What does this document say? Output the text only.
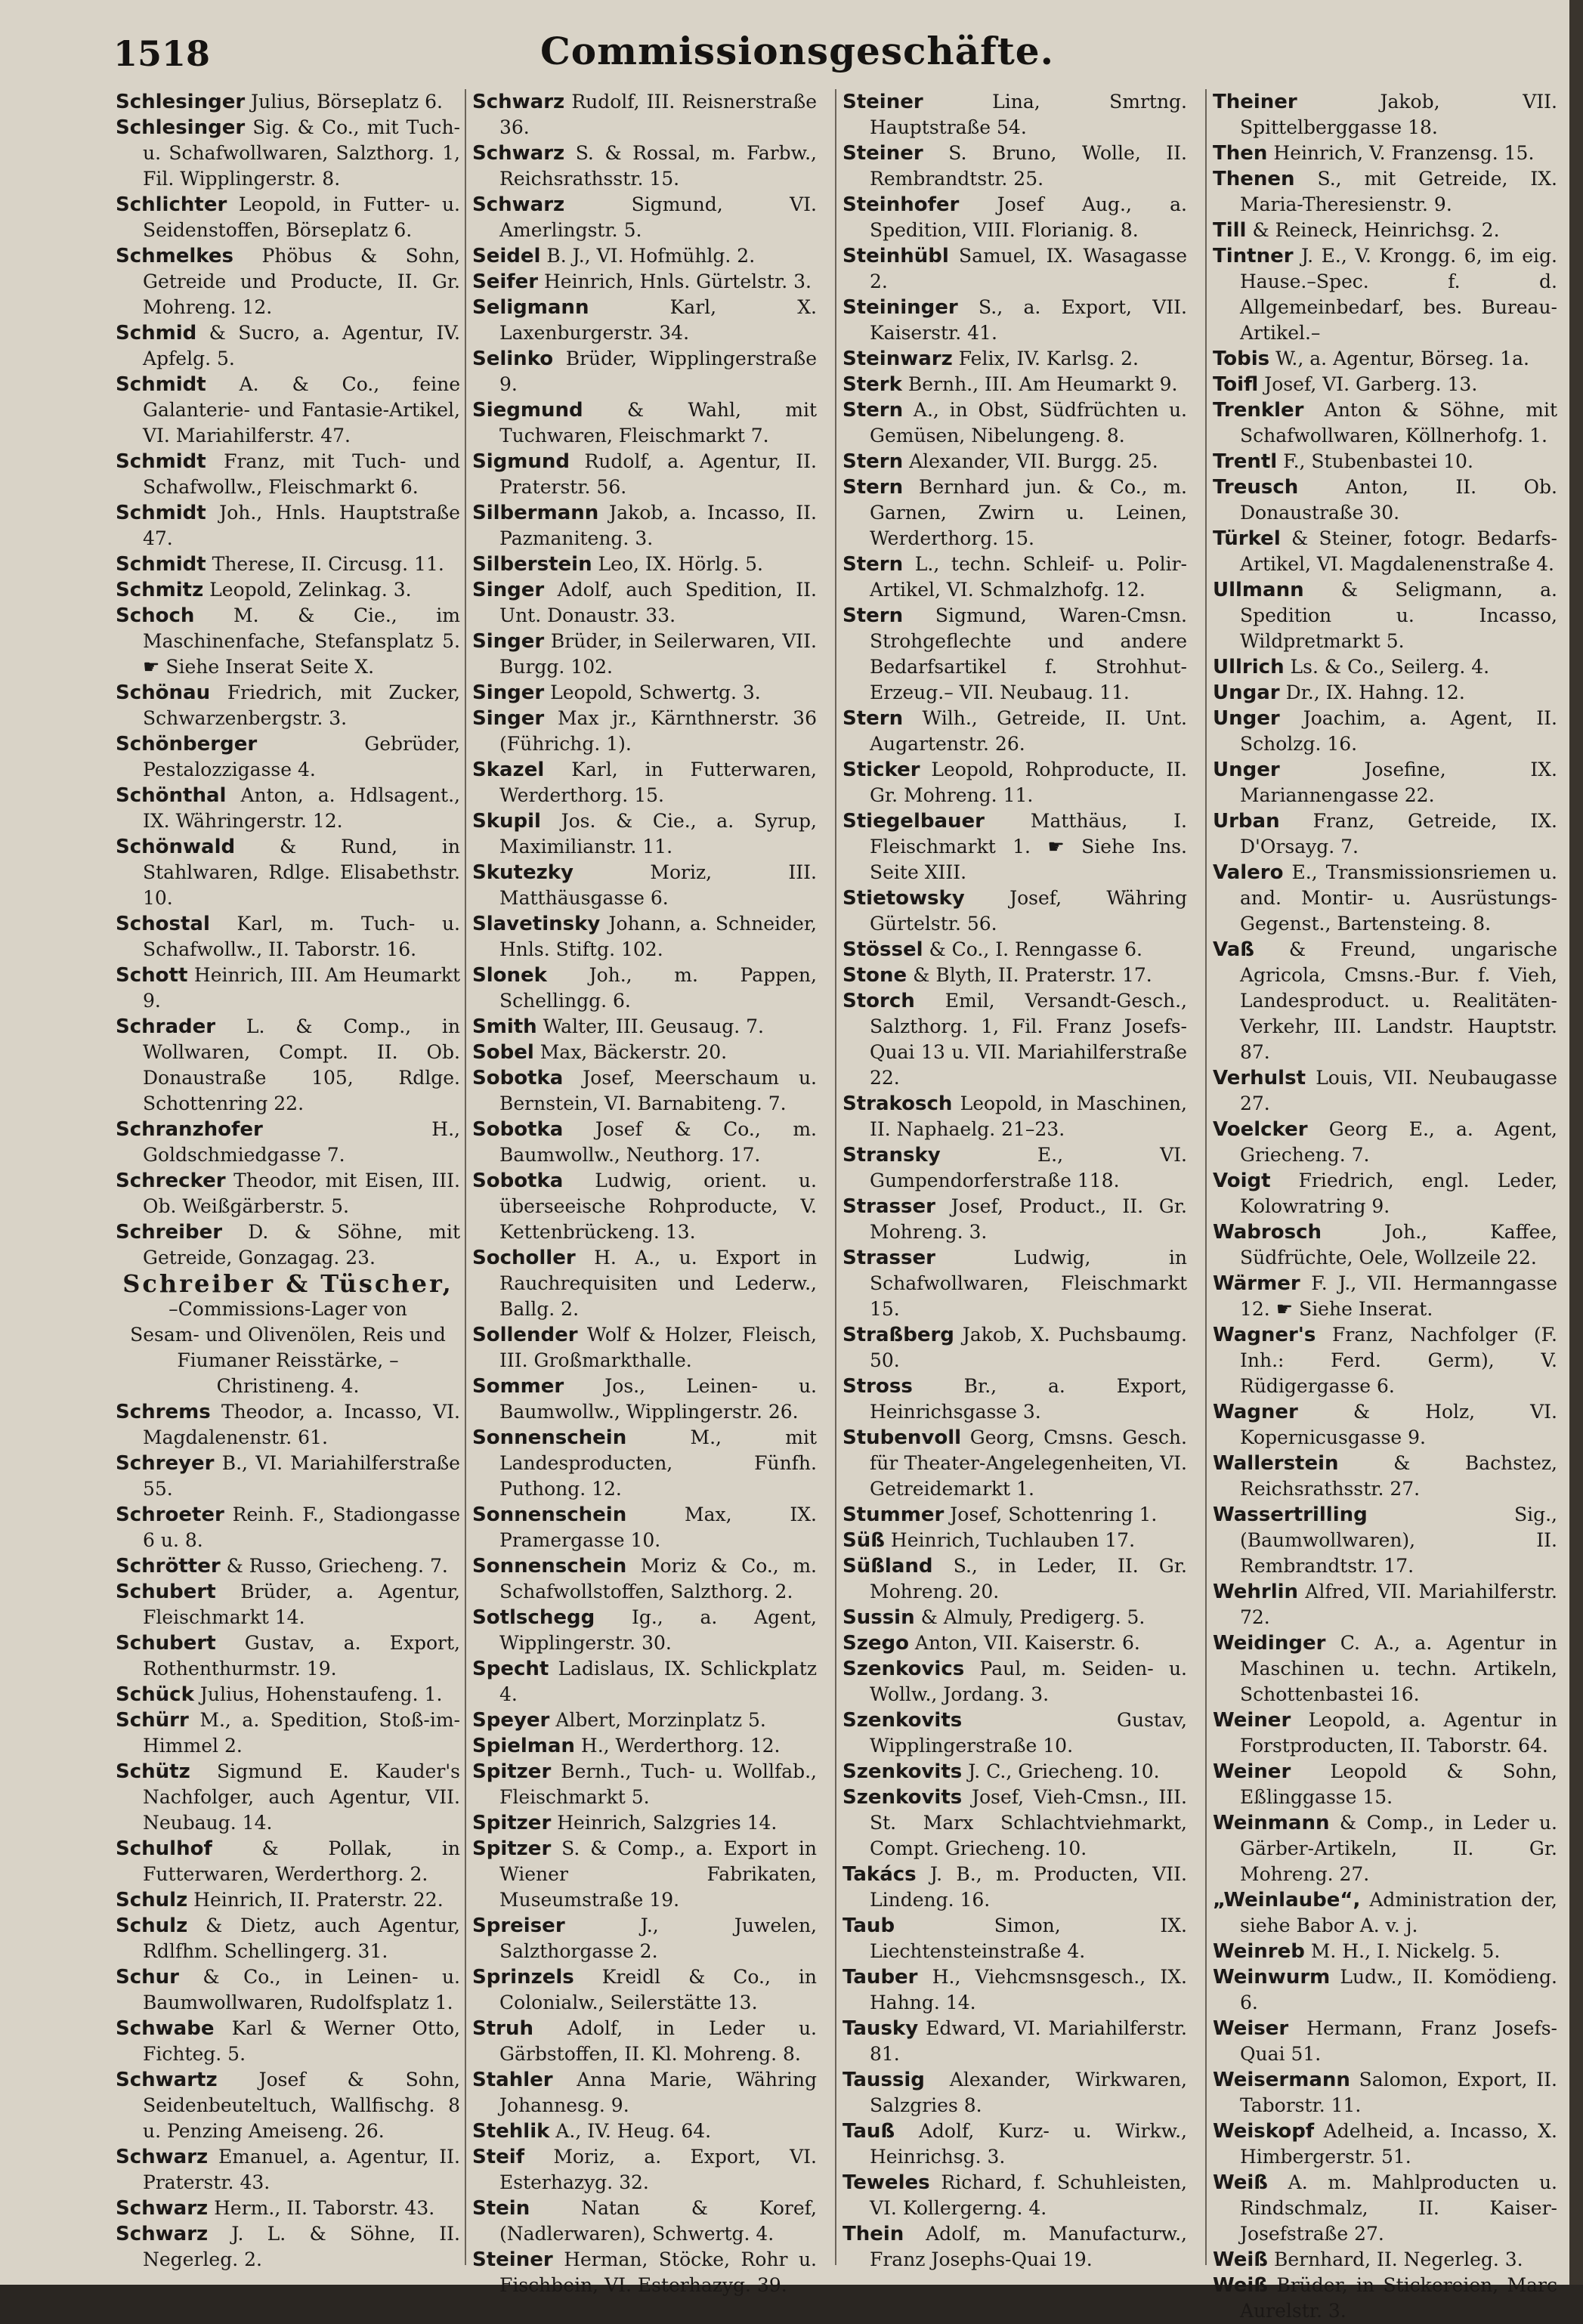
1518	Commissionsgeschäfte.
Schlesinger Julius, Börseplatz 6.
Schlesinger Sig. & Co., mit Tuch- u. Schafwollwaren, Salzthorg. 1, Fil. Wipplingerstr. 8.
Schlichter Leopold, in Futter- u. Seidenstoffen, Börseplatz 6.
Schmelkes Phöbus & Sohn, Getreide und Producte, II. Gr. Mohreng. 12.
Schmid & Sucro, a. Agentur, IV. Apfelg. 5.
Schmidt A. & Co., feine Galanterie- und Fantasie-Artikel, VI. Mariahilferstr. 47.
Schmidt Franz, mit Tuch- und Schafwollw., Fleischmarkt 6.
Schmidt Joh., Hnls. Hauptstraße 47.
Schmidt Therese, II. Circusg. 11.
Schmitz Leopold, Zelinkag. 3.
Schoch M. & Cie., im Maschinenfache, Stefansplatz 5. ☛ Siehe Inserat Seite X.
Schönau Friedrich, mit Zucker, Schwarzenbergstr. 3.
Schönberger	Gebrüder, Pestalozzigasse 4.
Schönthal Anton, a. Hdlsagent., IX. Währingerstr. 12.
Schönwald & Rund, in Stahlwaren, Rdlge. Elisabethstr. 10.
Schostal Karl, m. Tuch- u. Schafwollw., II. Taborstr. 16.
Schott Heinrich, III. Am Heumarkt 9.
Schrader L. & Comp., in Wollwaren, Compt. II. Ob. Donaustraße 105, Rdlge. Schottenring 22.
Schranzhofer	H., Goldschmiedgasse 7.
Schrecker Theodor, mit Eisen, III. Ob. Weißgärberstr. 5.
Schreiber D. & Söhne, mit Getreide, Gonzagag. 23.
Schreiber & Tüscher,
–Commissions-Lager von
Sesam- und Olivenölen, Reis und Fiumaner Reisstärke, – Christineng. 4.
Schrems Theodor, a. Incasso, VI. Magdalenenstr. 61.
Schreyer B., VI. Mariahilferstraße 55.
Schroeter Reinh. F., Stadiongasse 6 u. 8.
Schrötter & Russo, Griecheng. 7.
Schubert Brüder, a. Agentur, Fleischmarkt 14.
Schubert Gustav, a. Export, Rothenthurmstr. 19.
Schück Julius, Hohenstaufeng. 1.
Schürr M., a. Spedition, Stoß-im-Himmel 2.
Schütz Sigmund E. Kauder's Nachfolger, auch Agentur, VII. Neubaug. 14.
Schulhof	& Pollak, in Futterwaren, Werderthorg. 2.
Schulz Heinrich, II. Praterstr. 22.
Schulz & Dietz, auch Agentur, Rdlfhm. Schellingerg. 31.
Schur & Co., in Leinen- u. Baumwollwaren, Rudolfsplatz 1.
Schwabe Karl & Werner Otto, Fichteg. 5.
Schwartz Josef & Sohn, Seidenbeuteltuch, Wallfischg. 8 u. Penzing Ameiseng. 26.
Schwarz Emanuel, a. Agentur, II. Praterstr. 43.
Schwarz Herm., II. Taborstr. 43.
Schwarz J. L. & Söhne, II. Negerleg. 2.
Schwarz Rudolf, III. Reisnerstraße 36.
Schwarz S. & Rossal, m. Farbw., Reichsrathsstr. 15.
Schwarz	Sigmund, VI. Amerlingstr. 5.
Seidel B. J., VI. Hofmühlg. 2.
Seifer Heinrich, Hnls. Gürtelstr. 3.
Seligmann	Karl, X. Laxenburgerstr. 34.
Selinko Brüder, Wipplingerstraße 9.
Siegmund & Wahl, mit Tuchwaren, Fleischmarkt 7.
Sigmund Rudolf, a. Agentur, II. Praterstr. 56.
Silbermann Jakob, a. Incasso, II. Pazmaniteng. 3.
Silberstein Leo, IX. Hörlg. 5.
Singer Adolf, auch Spedition, II. Unt. Donaustr. 33.
Singer Brüder, in Seilerwaren, VII. Burgg. 102.
Singer Leopold, Schwertg. 3.
Singer Max jr., Kärnthnerstr. 36 (Führichg. 1).
Skazel Karl, in Futterwaren, Werderthorg. 15.
Skupil Jos. & Cie., a. Syrup, Maximilianstr. 11.
Skutezky	Moriz, III. Matthäusgasse 6.
Slavetinsky Johann, a. Schneider, Hnls. Stiftg. 102.
Slonek Joh., m. Pappen, Schellingg. 6.
Smith Walter, III. Geusaug. 7.
Sobel Max, Bäckerstr. 20.
Sobotka Josef, Meerschaum u. Bernstein, VI. Barnabiteng. 7.
Sobotka Josef & Co., m. Baumwollw., Neuthorg. 17.
Sobotka Ludwig, orient. u. überseeische Rohproducte, V. Kettenbrückeng. 13.
Socholler H. A., u. Export in Rauchrequisiten und Lederw., Ballg. 2.
Sollender Wolf & Holzer, Fleisch, III. Großmarkthalle.
Sommer Jos., Leinen- u. Baumwollw., Wipplingerstr. 26.
Sonnenschein	M., mit Landesproducten, Fünfh. Puthong. 12.
Sonnenschein	Max, IX. Pramergasse 10.
Sonnenschein Moriz & Co., m. Schafwollstoffen, Salzthorg. 2.
Sotlschegg Ig., a. Agent, Wipplingerstr. 30.
Specht Ladislaus, IX. Schlickplatz 4.
Speyer Albert, Morzinplatz 5.
Spielman H., Werderthorg. 12.
Spitzer Bernh., Tuch- u. Wollfab., Fleischmarkt 5.
Spitzer Heinrich, Salzgries 14.
Spitzer S. & Comp., a. Export in Wiener Fabrikaten, Museumstraße 19.
Spreiser	J., Juwelen, Salzthorgasse 2.
Sprinzels Kreidl & Co., in Colonialw., Seilerstätte 13.
Struh Adolf, in Leder u. Gärbstoffen, II. Kl. Mohreng. 8.
Stahler Anna Marie, Währing Johannesg. 9.
Stehlik A., IV. Heug. 64.
Steif Moriz, a. Export, VI. Esterhazyg. 32.
Stein	Natan & Koref, (Nadlerwaren), Schwertg. 4.
Steiner Herman, Stöcke, Rohr u. Fischbein, VI. Esterhazyg. 39.
Steiner	Lina, Smrtng. Hauptstraße 54.
Steiner S. Bruno, Wolle, II. Rembrandtstr. 25.
Steinhofer Josef Aug., a. Spedition, VIII. Florianig. 8.
Steinhübl Samuel, IX. Wasagasse 2.
Steininger S., a. Export, VII. Kaiserstr. 41.
Steinwarz Felix, IV. Karlsg. 2.
Sterk Bernh., III. Am Heumarkt 9.
Stern A., in Obst, Südfrüchten u. Gemüsen, Nibelungeng. 8.
Stern Alexander, VII. Burgg. 25.
Stern Bernhard jun. & Co., m. Garnen, Zwirn u. Leinen, Werderthorg. 15.
Stern L., techn. Schleif- u. Polir-Artikel, VI. Schmalzhofg. 12.
Stern Sigmund, Waren-Cmsn. Strohgeflechte und andere Bedarfsartikel f. Strohhut-Erzeug.– VII. Neubaug. 11.
Stern Wilh., Getreide, II. Unt. Augartenstr. 26.
Sticker Leopold, Rohproducte, II. Gr. Mohreng. 11.
Stiegelbauer Matthäus, I. Fleischmarkt 1. ☛ Siehe Ins. Seite XIII.
Stietowsky Josef, Währing Gürtelstr. 56.
Stössel & Co., I. Renngasse 6.
Stone & Blyth, II. Praterstr. 17.
Storch Emil, Versandt-Gesch., Salzthorg. 1, Fil. Franz Josefs-Quai 13 u. VII. Mariahilferstraße 22.
Strakosch Leopold, in Maschinen, II. Naphaelg. 21–23.
Stransky	E., VI. Gumpendorferstraße 118.
Strasser Josef, Product., II. Gr. Mohreng. 3.
Strasser	Ludwig, in Schafwollwaren, Fleischmarkt 15.
Straßberg Jakob, X. Puchsbaumg. 50.
Stross	Br., a. Export, Heinrichsgasse 3.
Stubenvoll Georg, Cmsns. Gesch. für Theater-Angelegenheiten, VI. Getreidemarkt 1.
Stummer Josef, Schottenring 1.
Süß Heinrich, Tuchlauben 17.
Süßland S., in Leder, II. Gr. Mohreng. 20.
Sussin & Almuly, Predigerg. 5.
Szego Anton, VII. Kaiserstr. 6.
Szenkovics Paul, m. Seiden- u. Wollw., Jordang. 3.
Szenkovits	Gustav, Wipplingerstraße 10.
Szenkovits J. C., Griecheng. 10.
Szenkovits Josef, Vieh-Cmsn., III. St. Marx Schlachtviehmarkt, Compt. Griecheng. 10.
Takács J. B., m. Producten, VII. Lindeng. 16.
Taub	Simon, IX. Liechtensteinstraße 4.
Tauber H., Viehcmsnsgesch., IX. Hahng. 14.
Tausky Edward, VI. Mariahilferstr. 81.
Taussig Alexander, Wirkwaren, Salzgries 8.
Tauß Adolf, Kurz- u. Wirkw., Heinrichsg. 3.
Teweles Richard, f. Schuhleisten, VI. Kollergerng. 4.
Thein Adolf, m. Manufacturw., Franz Josephs-Quai 19.
Theiner	Jakob, VII. Spittelberggasse 18.
Then Heinrich, V. Franzensg. 15.
Thenen S., mit Getreide, IX. Maria-Theresienstr. 9.
Till & Reineck, Heinrichsg. 2.
Tintner J. E., V. Krongg. 6, im eig. Hause.–Spec. f. d. Allgemeinbedarf, bes. Bureau-Artikel.–
Tobis W., a. Agentur, Börseg. 1a.
Toifl Josef, VI. Garberg. 13.
Trenkler Anton & Söhne, mit Schafwollwaren, Köllnerhofg. 1.
Trentl F., Stubenbastei 10.
Treusch Anton, II. Ob. Donaustraße 30.
Türkel & Steiner, fotogr. Bedarfs-Artikel, VI. Magdalenenstraße 4.
Ullmann & Seligmann, a. Spedition u. Incasso, Wildpretmarkt 5.
Ullrich Ls. & Co., Seilerg. 4.
Ungar Dr., IX. Hahng. 12.
Unger Joachim, a. Agent, II. Scholzg. 16.
Unger	Josefine, IX. Mariannengasse 22.
Urban Franz, Getreide, IX. D'Orsayg. 7.
Valero E., Transmissionsriemen u. and. Montir- u. Ausrüstungs-Gegenst., Bartensteing. 8.
Vaß & Freund, ungarische Agricola, Cmsns.-Bur. f. Vieh, Landesproduct. u. Realitäten-Verkehr, III. Landstr. Hauptstr. 87.
Verhulst Louis, VII. Neubaugasse 27.
Voelcker Georg E., a. Agent, Griecheng. 7.
Voigt Friedrich, engl. Leder, Kolowratring 9.
Wabrosch	Joh., Kaffee, Südfrüchte, Oele, Wollzeile 22.
Wärmer F. J., VII. Hermanngasse 12. ☛ Siehe Inserat.
Wagner's Franz, Nachfolger (F. Inh.: Ferd. Germ), V. Rüdigergasse 6.
Wagner	& Holz, VI. Kopernicusgasse 9.
Wallerstein	& Bachstez, Reichsrathsstr. 27.
Wassertrilling	Sig., (Baumwollwaren), II. Rembrandtstr. 17.
Wehrlin Alfred, VII. Mariahilferstr. 72.
Weidinger C. A., a. Agentur in Maschinen u. techn. Artikeln, Schottenbastei 16.
Weiner Leopold, a. Agentur in Forstproducten, II. Taborstr. 64.
Weiner Leopold & Sohn, Eßlinggasse 15.
Weinmann & Comp., in Leder u. Gärber-Artikeln, II. Gr. Mohreng. 27.
„Weinlaube“, Administration der, siehe Babor A. v. j.
Weinreb M. H., I. Nickelg. 5.
Weinwurm Ludw., II. Komödieng. 6.
Weiser Hermann, Franz Josefs-Quai 51.
Weisermann Salomon, Export, II. Taborstr. 11.
Weiskopf Adelheid, a. Incasso, X. Himbergerstr. 51.
Weiß A. m. Mahlproducten u. Rindschmalz, II. Kaiser-Josefstraße 27.
Weiß Bernhard, II. Negerleg. 3.
Weiß Brüder, in Stickereien, Marc Aurelstr. 3.
